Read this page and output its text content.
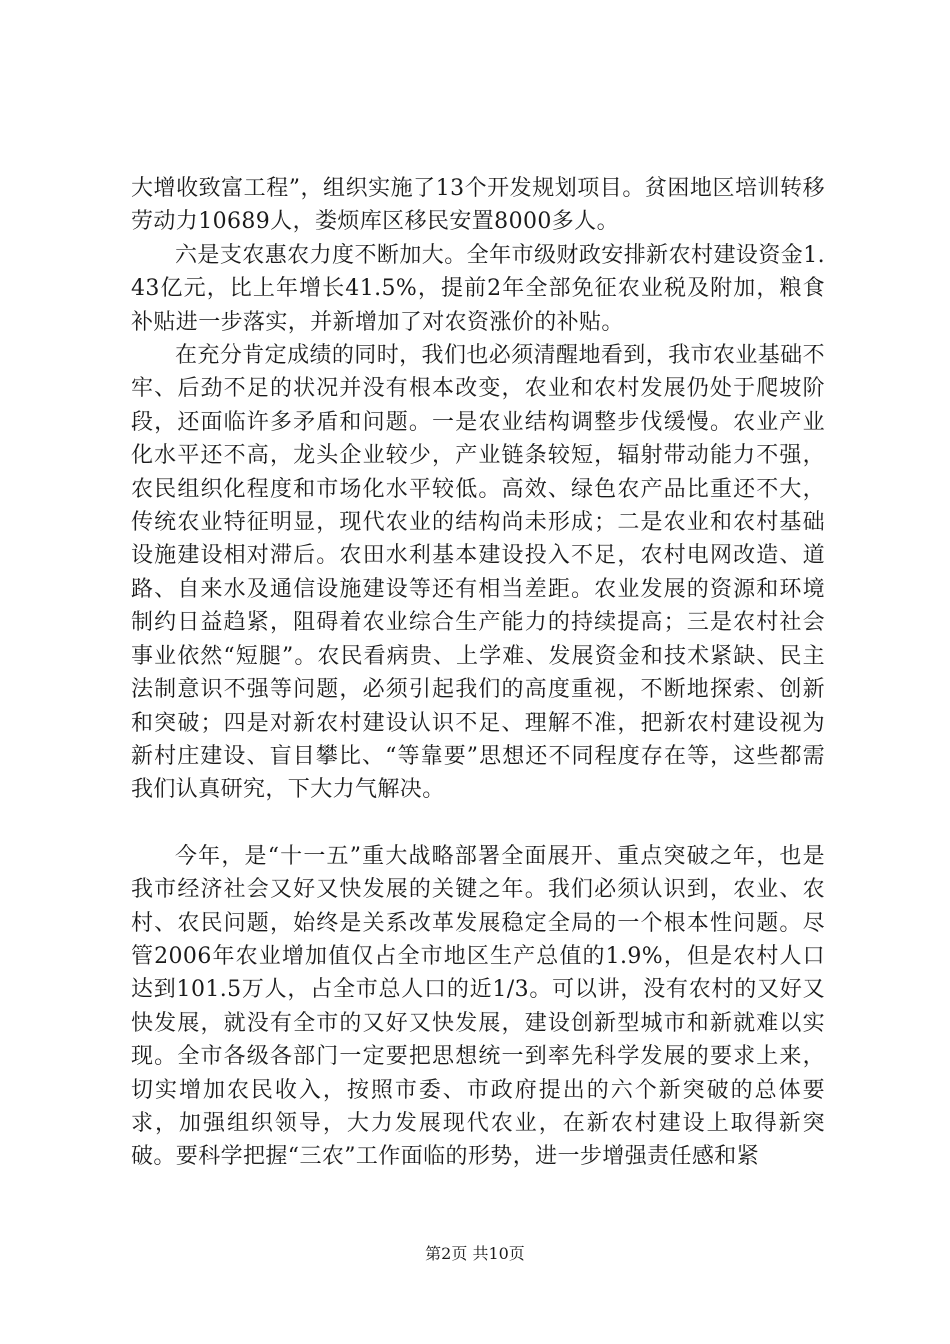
大增收致富工程”，组织实施了13个开发规划项目。贫困地区培训转移劳动力10689人，娄烦库区移民安置8000多人。

六是支农惠农力度不断加大。全年市级财政安排新农村建设资金1.43亿元，比上年增长41.5%，提前2年全部免征农业税及附加，粮食补贴进一步落实，并新增加了对农资涨价的补贴。

在充分肯定成绩的同时，我们也必须清醒地看到，我市农业基础不牢、后劲不足的状况并没有根本改变，农业和农村发展仍处于爬坡阶段，还面临许多矛盾和问题。一是农业结构调整步伐缓慢。农业产业化水平还不高，龙头企业较少，产业链条较短，辐射带动能力不强，农民组织化程度和市场化水平较低。高效、绿色农产品比重还不大，传统农业特征明显，现代农业的结构尚未形成；二是农业和农村基础设施建设相对滞后。农田水利基本建设投入不足，农村电网改造、道路、自来水及通信设施建设等还有相当差距。农业发展的资源和环境制约日益趋紧，阻碍着农业综合生产能力的持续提高；三是农村社会事业依然“短腿”。农民看病贵、上学难、发展资金和技术紧缺、民主法制意识不强等问题，必须引起我们的高度重视，不断地探索、创新和突破；四是对新农村建设认识不足、理解不准，把新农村建设视为新村庄建设、盲目攀比、“等靠要”思想还不同程度存在等，这些都需我们认真研究，下大力气解决。

今年，是“十一五”重大战略部署全面展开、重点突破之年，也是我市经济社会又好又快发展的关键之年。我们必须认识到，农业、农村、农民问题，始终是关系改革发展稳定全局的一个根本性问题。尽管2006年农业增加值仅占全市地区生产总值的1.9%，但是农村人口达到101.5万人，占全市总人口的近1/3。可以讲，没有农村的又好又快发展，就没有全市的又好又快发展，建设创新型城市和新就难以实现。全市各级各部门一定要把思想统一到率先科学发展的要求上来，切实增加农民收入，按照市委、市政府提出的六个新突破的总体要求，加强组织领导，大力发展现代农业，在新农村建设上取得新突破。要科学把握“三农”工作面临的形势，进一步增强责任感和紧

第2页 共10页
